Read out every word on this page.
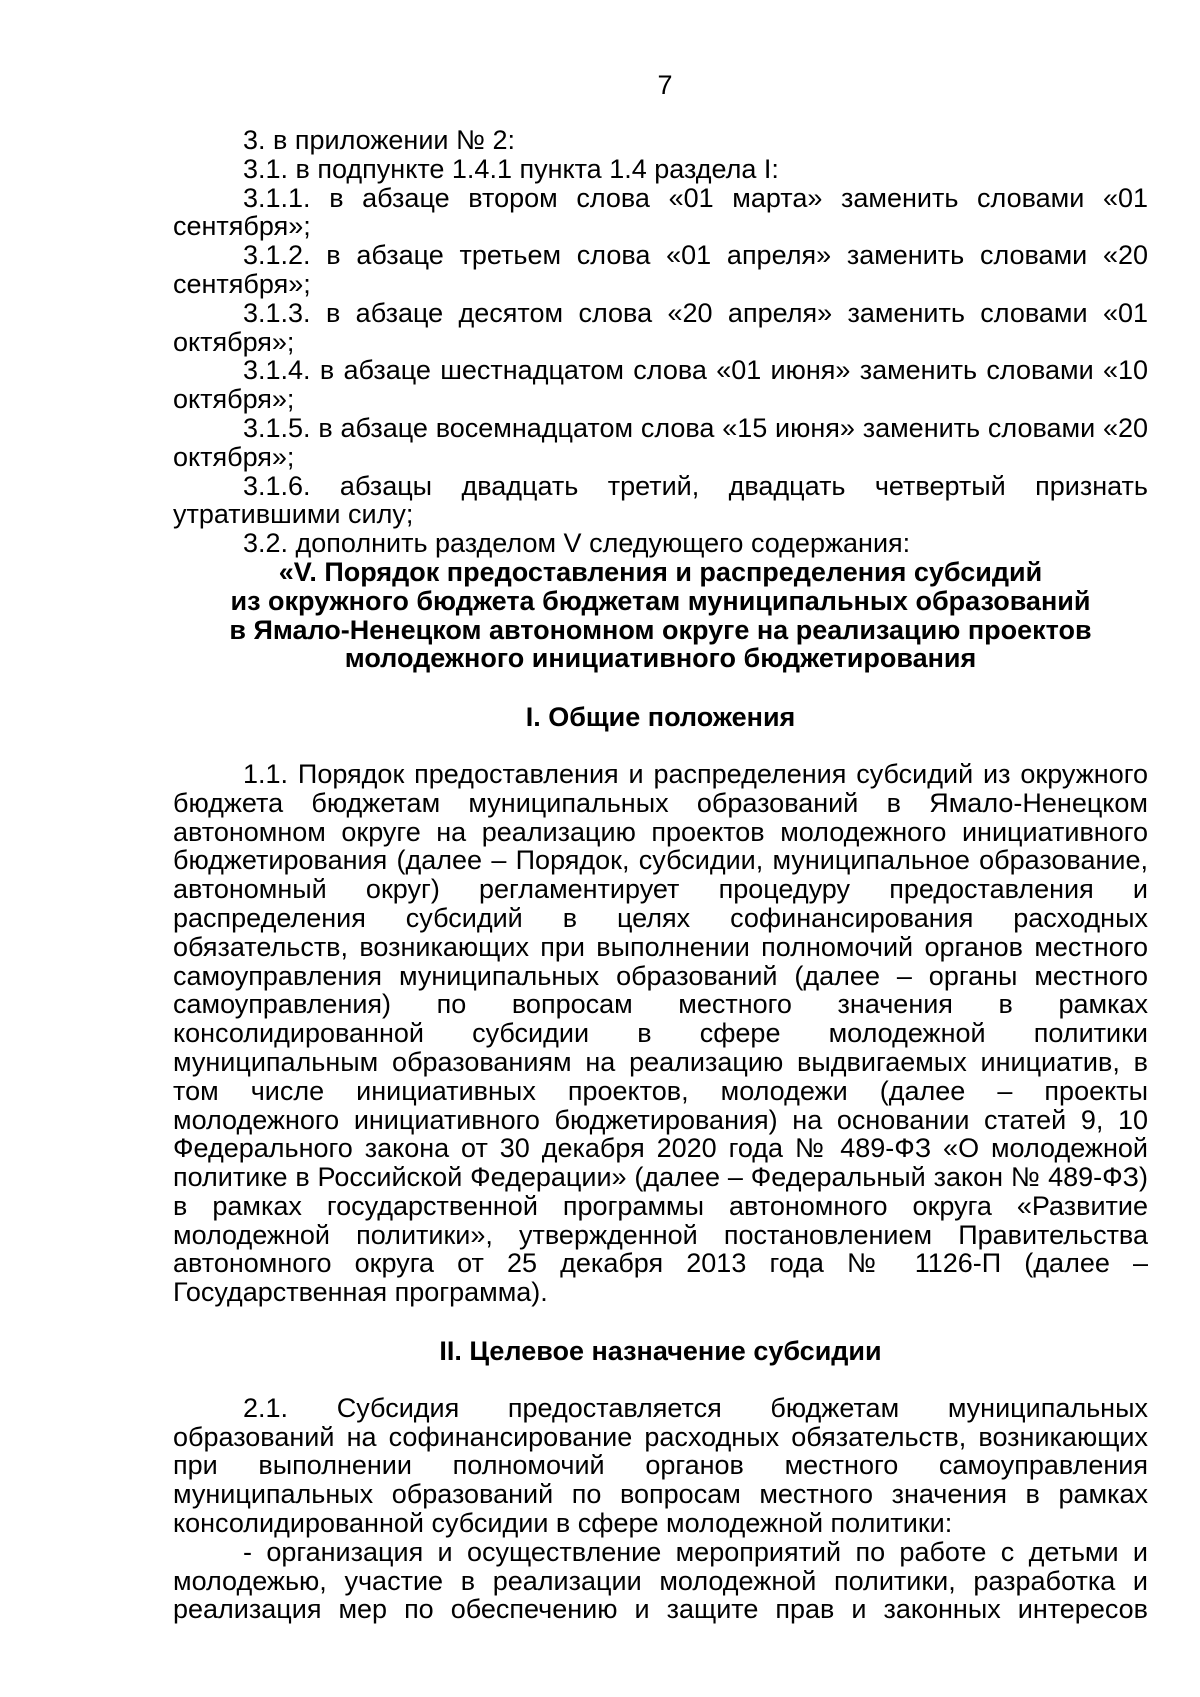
7

3. в приложении № 2:

3.1. в подпункте 1.4.1 пункта 1.4 раздела I:

3.1.1. в абзаце втором слова «01 марта» заменить словами «01 сентября»;

3.1.2. в абзаце третьем слова «01 апреля» заменить словами «20 сентября»;

3.1.3. в абзаце десятом слова «20 апреля» заменить словами «01 октября»;

3.1.4. в абзаце шестнадцатом слова «01 июня» заменить словами «10 октября»;

3.1.5. в абзаце восемнадцатом слова «15 июня» заменить словами «20 октября»;

3.1.6. абзацы двадцать третий, двадцать четвертый признать утратившими силу;

3.2. дополнить разделом V следующего содержания:

«V. Порядок предоставления и распределения субсидий
из окружного бюджета бюджетам муниципальных образований
в Ямало-Ненецком автономном округе на реализацию проектов
молодежного инициативного бюджетирования
I. Общие положения

1.1. Порядок предоставления и распределения субсидий из окружного бюджета бюджетам муниципальных образований в Ямало-Ненецком автономном округе на реализацию проектов молодежного инициативного бюджетирования (далее – Порядок, субсидии, муниципальное образование, автономный округ) регламентирует процедуру предоставления и распределения субсидий в целях софинансирования расходных обязательств, возникающих при выполнении полномочий органов местного самоуправления муниципальных образований (далее – органы местного самоуправления) по вопросам местного значения в рамках консолидированной субсидии в сфере молодежной политики муниципальным образованиям на реализацию выдвигаемых инициатив, в том числе инициативных проектов, молодежи (далее – проекты молодежного инициативного бюджетирования) на основании статей 9, 10 Федерального закона от 30 декабря 2020 года № 489-ФЗ «О молодежной политике в Российской Федерации» (далее – Федеральный закон № 489-ФЗ) в рамках государственной программы автономного округа «Развитие молодежной политики», утвержденной постановлением Правительства автономного округа от 25 декабря 2013 года № 1126-П (далее – Государственная программа).

II. Целевое назначение субсидии

2.1. Субсидия предоставляется бюджетам муниципальных образований на софинансирование расходных обязательств, возникающих при выполнении полномочий органов местного самоуправления муниципальных образований по вопросам местного значения в рамках консолидированной субсидии в сфере молодежной политики:

- организация и осуществление мероприятий по работе с детьми и молодежью, участие в реализации молодежной политики, разработка и реализация мер по обеспечению и защите прав и законных интересов
